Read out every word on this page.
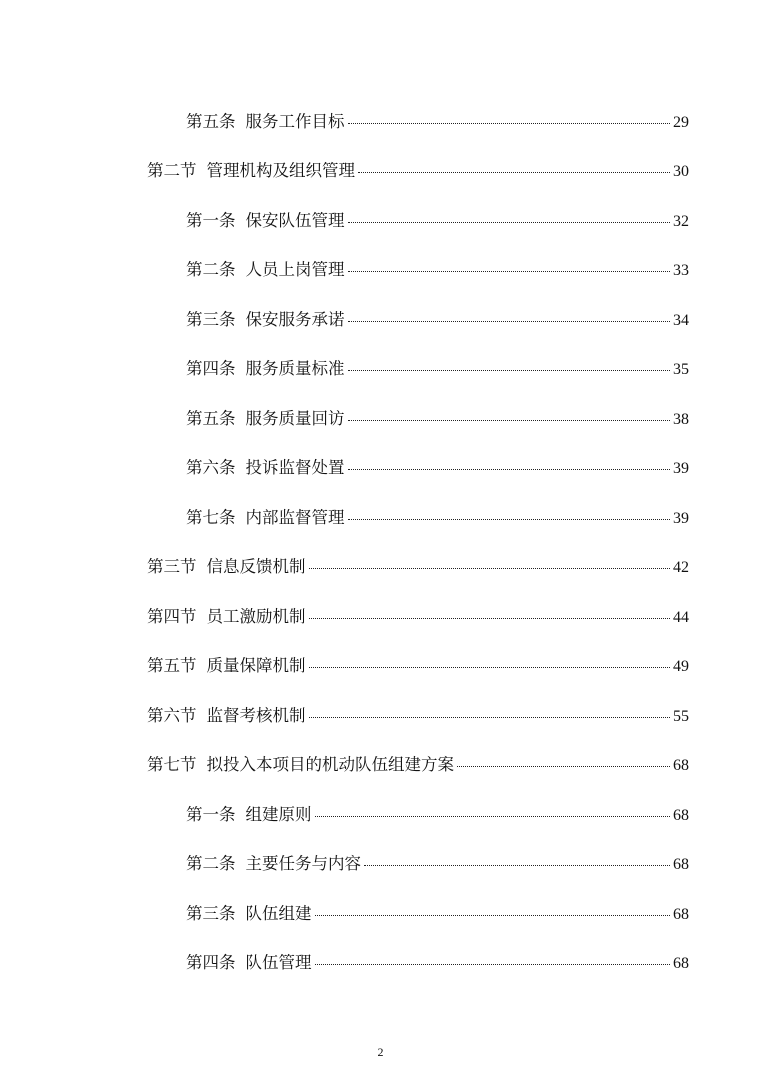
第五条 服务工作目标	29
第二节 管理机构及组织管理	30
第一条 保安队伍管理	32
第二条 人员上岗管理	33
第三条 保安服务承诺	34
第四条 服务质量标准	35
第五条 服务质量回访	38
第六条 投诉监督处置	39
第七条 内部监督管理	39
第三节 信息反馈机制	42
第四节 员工激励机制	44
第五节 质量保障机制	49
第六节 监督考核机制	55
第七节 拟投入本项目的机动队伍组建方案	68
第一条 组建原则	68
第二条 主要任务与内容	68
第三条 队伍组建	68
第四条 队伍管理	68
2
